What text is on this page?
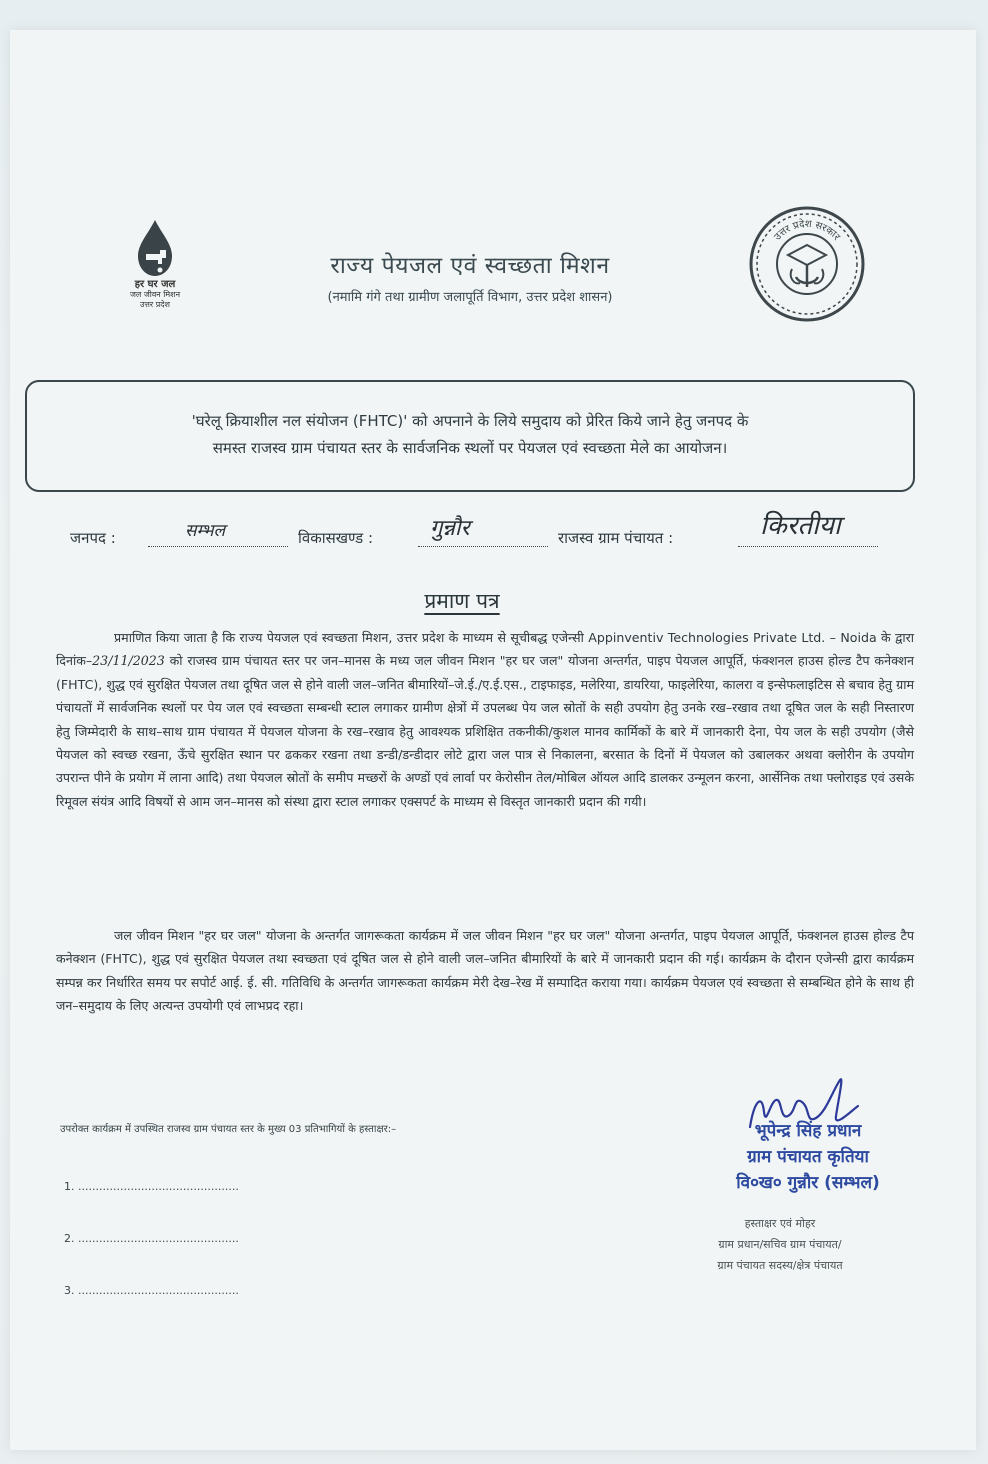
हर घर जल
जल जीवन मिशन
उत्तर प्रदेश
राज्य पेयजल एवं स्वच्छता मिशन
(नमामि गंगे तथा ग्रामीण जलापूर्ति विभाग, उत्तर प्रदेश शासन)
उत्तर प्रदेश सरकार
'घरेलू क्रियाशील नल संयोजन (FHTC)' को अपनाने के लिये समुदाय को प्रेरित किये जाने हेतु जनपद के
समस्त राजस्व ग्राम पंचायत स्तर के सार्वजनिक स्थलों पर पेयजल एवं स्वच्छता मेले का आयोजन।
जनपद :	सम्भल	विकासखण्ड :	गुन्नौर	राजस्व ग्राम पंचायत :	किरतीया
प्रमाण पत्र
प्रमाणित किया जाता है कि राज्य पेयजल एवं स्वच्छता मिशन, उत्तर प्रदेश के माध्यम से सूचीबद्ध एजेन्सी Appinventiv Technologies Private Ltd. – Noida के द्वारा दिनांक–23/11/2023 को राजस्व ग्राम पंचायत स्तर पर जन–मानस के मध्य जल जीवन मिशन "हर घर जल" योजना अन्तर्गत, पाइप पेयजल आपूर्ति, फंक्शनल हाउस होल्ड टैप कनेक्शन (FHTC), शुद्ध एवं सुरक्षित पेयजल तथा दूषित जल से होने वाली जल–जनित बीमारियों–जे.ई./ए.ई.एस., टाइफाइड, मलेरिया, डायरिया, फाइलेरिया, कालरा व इन्सेफलाइटिस से बचाव हेतु ग्राम पंचायतों में सार्वजनिक स्थलों पर पेय जल एवं स्वच्छता सम्बन्धी स्टाल लगाकर ग्रामीण क्षेत्रों में उपलब्ध पेय जल स्रोतों के सही उपयोग हेतु उनके रख–रखाव तथा दूषित जल के सही निस्तारण हेतु जिम्मेदारी के साथ–साथ ग्राम पंचायत में पेयजल योजना के रख–रखाव हेतु आवश्यक प्रशिक्षित तकनीकी/कुशल मानव कार्मिकों के बारे में जानकारी देना, पेय जल के सही उपयोग (जैसे पेयजल को स्वच्छ रखना, ऊँचे सुरक्षित स्थान पर ढककर रखना तथा डन्डी/डन्डीदार लोटे द्वारा जल पात्र से निकालना, बरसात के दिनों में पेयजल को उबालकर अथवा क्लोरीन के उपयोग उपरान्त पीने के प्रयोग में लाना आदि) तथा पेयजल स्रोतों के समीप मच्छरों के अण्डों एवं लार्वा पर केरोसीन तेल/मोबिल ऑयल आदि डालकर उन्मूलन करना, आर्सेनिक तथा फ्लोराइड एवं उसके रिमूवल संयंत्र आदि विषयों से आम जन–मानस को संस्था द्वारा स्टाल लगाकर एक्सपर्ट के माध्यम से विस्तृत जानकारी प्रदान की गयी।
जल जीवन मिशन "हर घर जल" योजना के अन्तर्गत जागरूकता कार्यक्रम में जल जीवन मिशन "हर घर जल" योजना अन्तर्गत, पाइप पेयजल आपूर्ति, फंक्शनल हाउस होल्ड टैप कनेक्शन (FHTC), शुद्ध एवं सुरक्षित पेयजल तथा स्वच्छता एवं दूषित जल से होने वाली जल–जनित बीमारियों के बारे में जानकारी प्रदान की गई। कार्यक्रम के दौरान एजेन्सी द्वारा कार्यक्रम सम्पन्न कर निर्धारित समय पर सपोर्ट आई. ई. सी. गतिविधि के अन्तर्गत जागरूकता कार्यक्रम मेरी देख–रेख में सम्पादित कराया गया। कार्यक्रम पेयजल एवं स्वच्छता से सम्बन्धित होने के साथ ही जन–समुदाय के लिए अत्यन्त उपयोगी एवं लाभप्रद रहा।
उपरोक्त कार्यक्रम में उपस्थित राजस्व ग्राम पंचायत स्तर के मुख्य 03 प्रतिभागियों के हस्ताक्षर:–
1. ..............................................
2. ..............................................
3. ..............................................
भूपेन्द्र सिंह प्रधान
ग्राम पंचायत कृतिया
वि०ख० गुन्नौर (सम्भल)
हस्ताक्षर एवं मोहर
ग्राम प्रधान/सचिव ग्राम पंचायत/
ग्राम पंचायत सदस्य/क्षेत्र पंचायत
